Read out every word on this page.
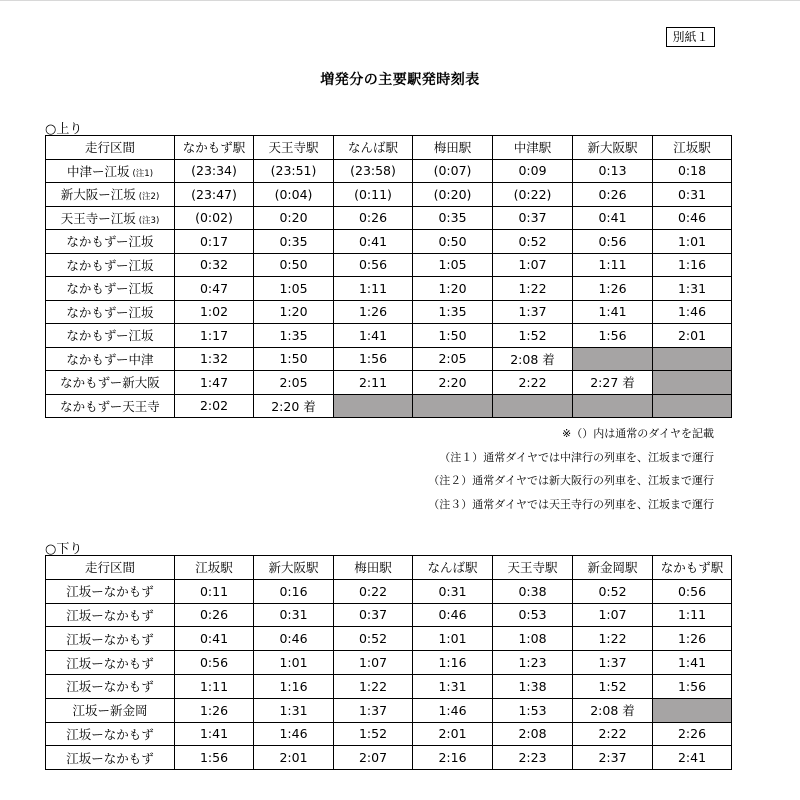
別紙１
増発分の主要駅発時刻表
○上り
走行区間	なかもず駅	天王寺駅	なんば駅	梅田駅	中津駅	新大阪駅	江坂駅
中津ー江坂 (注1)	(23:34)	(23:51)	(23:58)	(0:07)	0:09	0:13	0:18
新大阪ー江坂 (注2)	(23:47)	(0:04)	(0:11)	(0:20)	(0:22)	0:26	0:31
天王寺ー江坂 (注3)	(0:02)	0:20	0:26	0:35	0:37	0:41	0:46
なかもずー江坂	0:17	0:35	0:41	0:50	0:52	0:56	1:01
なかもずー江坂	0:32	0:50	0:56	1:05	1:07	1:11	1:16
なかもずー江坂	0:47	1:05	1:11	1:20	1:22	1:26	1:31
なかもずー江坂	1:02	1:20	1:26	1:35	1:37	1:41	1:46
なかもずー江坂	1:17	1:35	1:41	1:50	1:52	1:56	2:01
なかもずー中津	1:32	1:50	1:56	2:05	2:08 着		
なかもずー新大阪	1:47	2:05	2:11	2:20	2:22	2:27 着	
なかもずー天王寺	2:02	2:20 着					
※（）内は通常のダイヤを記載
（注１）通常ダイヤでは中津行の列車を、江坂まで運行
（注２）通常ダイヤでは新大阪行の列車を、江坂まで運行
（注３）通常ダイヤでは天王寺行の列車を、江坂まで運行
○下り
走行区間	江坂駅	新大阪駅	梅田駅	なんば駅	天王寺駅	新金岡駅	なかもず駅
江坂ーなかもず	0:11	0:16	0:22	0:31	0:38	0:52	0:56
江坂ーなかもず	0:26	0:31	0:37	0:46	0:53	1:07	1:11
江坂ーなかもず	0:41	0:46	0:52	1:01	1:08	1:22	1:26
江坂ーなかもず	0:56	1:01	1:07	1:16	1:23	1:37	1:41
江坂ーなかもず	1:11	1:16	1:22	1:31	1:38	1:52	1:56
江坂ー新金岡	1:26	1:31	1:37	1:46	1:53	2:08 着	
江坂ーなかもず	1:41	1:46	1:52	2:01	2:08	2:22	2:26
江坂ーなかもず	1:56	2:01	2:07	2:16	2:23	2:37	2:41
